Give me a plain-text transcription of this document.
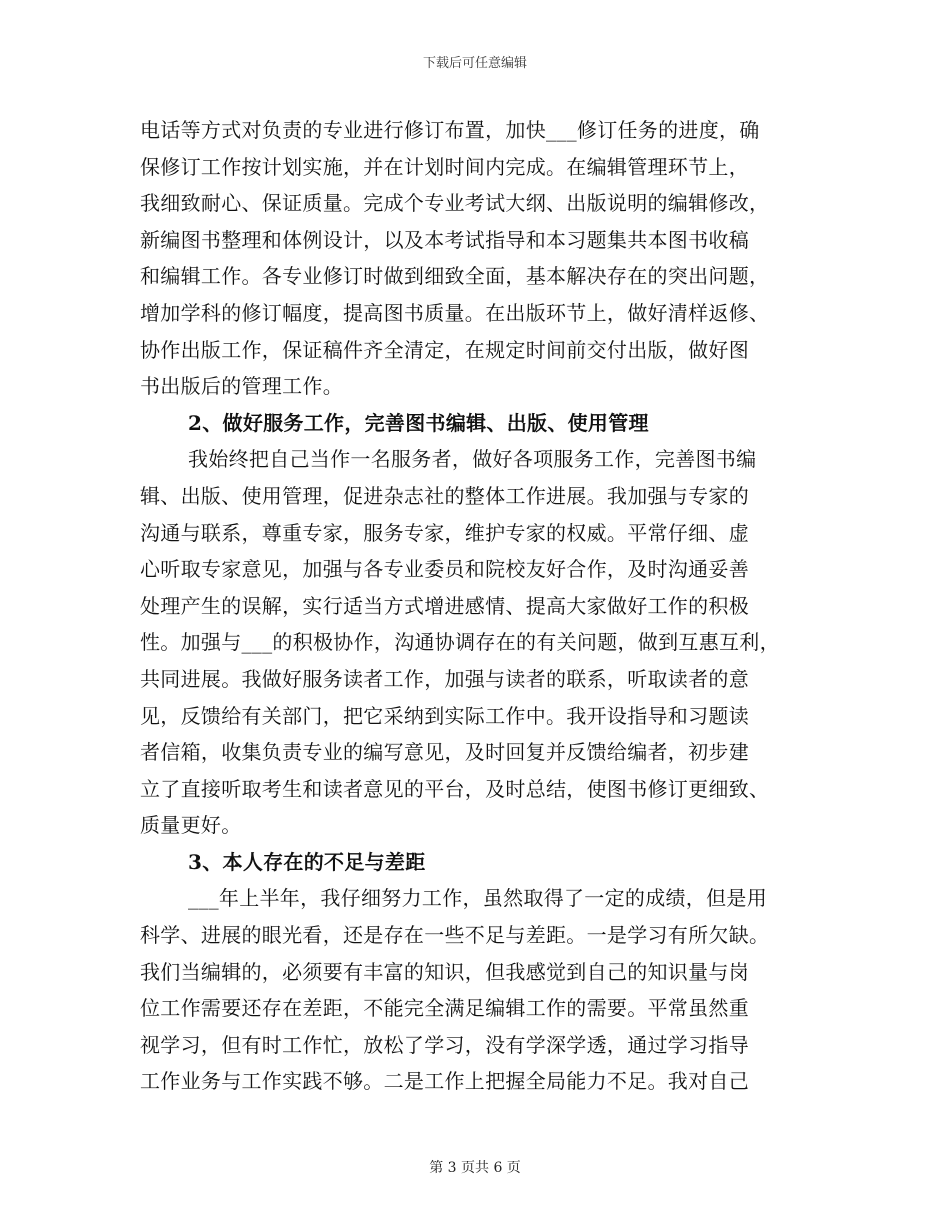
下载后可任意编辑
电话等方式对负责的专业进行修订布置，加快___修订任务的进度，确
保修订工作按计划实施，并在计划时间内完成。在编辑管理环节上，
我细致耐心、保证质量。完成个专业考试大纲、出版说明的编辑修改，
新编图书整理和体例设计，以及本考试指导和本习题集共本图书收稿
和编辑工作。各专业修订时做到细致全面，基本解决存在的突出问题，
增加学科的修订幅度，提高图书质量。在出版环节上，做好清样返修、
协作出版工作，保证稿件齐全清定，在规定时间前交付出版，做好图
书出版后的管理工作。
2、做好服务工作，完善图书编辑、出版、使用管理
我始终把自己当作一名服务者，做好各项服务工作，完善图书编
辑、出版、使用管理，促进杂志社的整体工作进展。我加强与专家的
沟通与联系，尊重专家，服务专家，维护专家的权威。平常仔细、虚
心听取专家意见，加强与各专业委员和院校友好合作，及时沟通妥善
处理产生的误解，实行适当方式增进感情、提高大家做好工作的积极
性。加强与___的积极协作，沟通协调存在的有关问题，做到互惠互利，
共同进展。我做好服务读者工作，加强与读者的联系，听取读者的意
见，反馈给有关部门，把它采纳到实际工作中。我开设指导和习题读
者信箱，收集负责专业的编写意见，及时回复并反馈给编者，初步建
立了直接听取考生和读者意见的平台，及时总结，使图书修订更细致、
质量更好。
3、本人存在的不足与差距
___年上半年，我仔细努力工作，虽然取得了一定的成绩，但是用
科学、进展的眼光看，还是存在一些不足与差距。一是学习有所欠缺。
我们当编辑的，必须要有丰富的知识，但我感觉到自己的知识量与岗
位工作需要还存在差距，不能完全满足编辑工作的需要。平常虽然重
视学习，但有时工作忙，放松了学习，没有学深学透，通过学习指导
工作业务与工作实践不够。二是工作上把握全局能力不足。我对自己
第 3 页共 6 页
